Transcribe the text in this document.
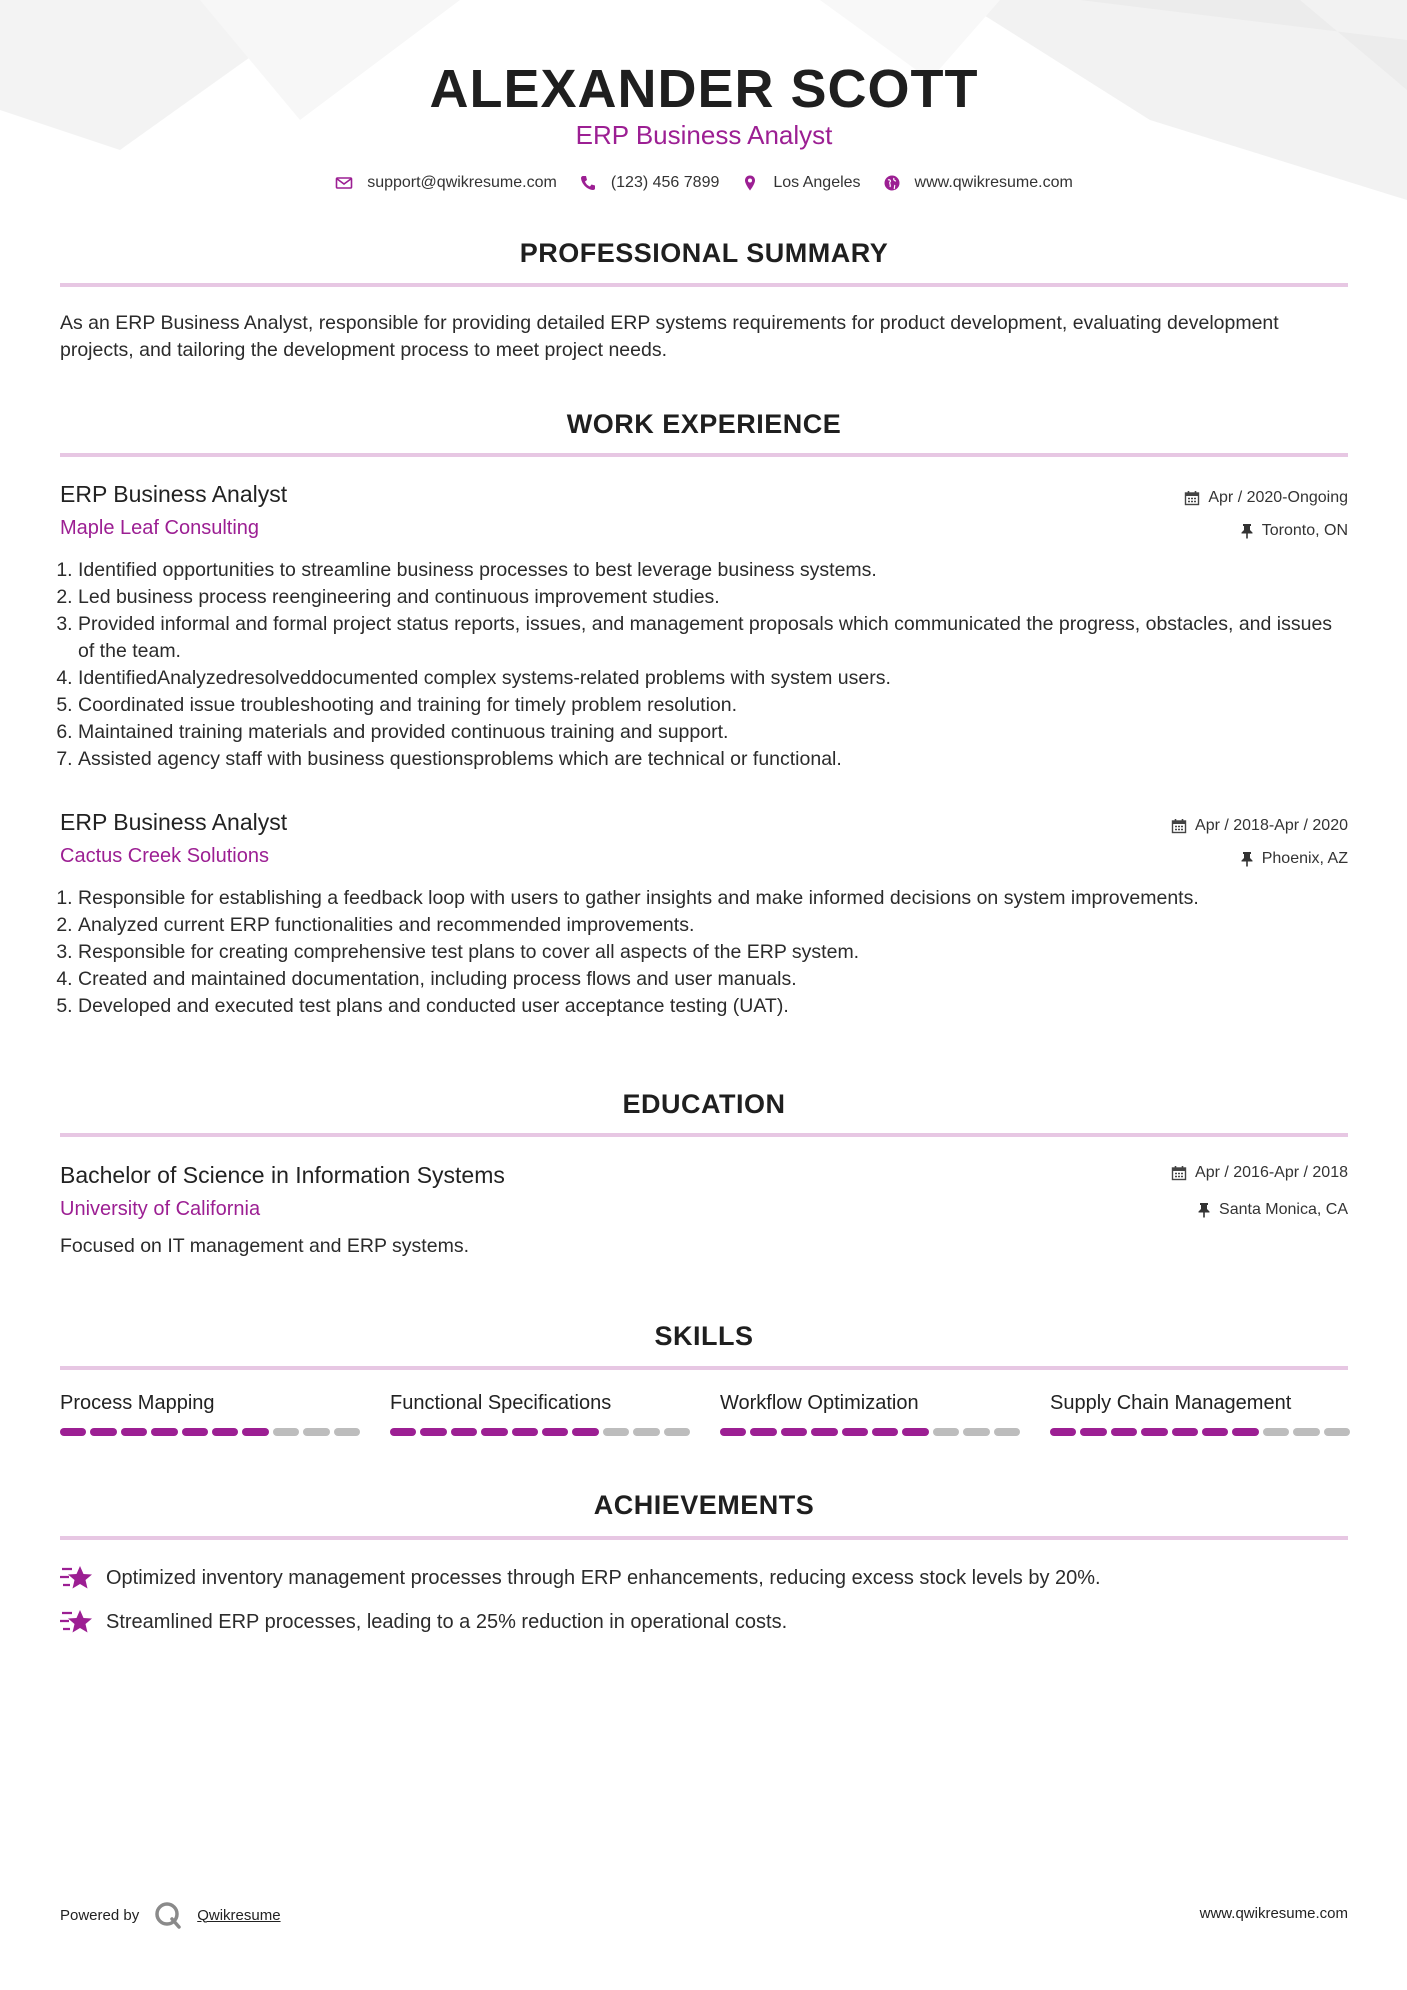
ALEXANDER SCOTT
ERP Business Analyst
support@qwikresume.com	(123) 456 7899	Los Angeles	www.qwikresume.com
PROFESSIONAL SUMMARY
As an ERP Business Analyst, responsible for providing detailed ERP systems requirements for product development, evaluating development projects, and tailoring the development process to meet project needs.
WORK EXPERIENCE
ERP Business Analyst
Maple Leaf Consulting
Apr / 2020-Ongoing
Toronto, ON
1. Identified opportunities to streamline business processes to best leverage business systems.
2. Led business process reengineering and continuous improvement studies.
3. Provided informal and formal project status reports, issues, and management proposals which communicated the progress, obstacles, and issues of the team.
4. IdentifiedAnalyzedresolveddocumented complex systems-related problems with system users.
5. Coordinated issue troubleshooting and training for timely problem resolution.
6. Maintained training materials and provided continuous training and support.
7. Assisted agency staff with business questionsproblems which are technical or functional.
ERP Business Analyst
Cactus Creek Solutions
Apr / 2018-Apr / 2020
Phoenix, AZ
1. Responsible for establishing a feedback loop with users to gather insights and make informed decisions on system improvements.
2. Analyzed current ERP functionalities and recommended improvements.
3. Responsible for creating comprehensive test plans to cover all aspects of the ERP system.
4. Created and maintained documentation, including process flows and user manuals.
5. Developed and executed test plans and conducted user acceptance testing (UAT).
EDUCATION
Bachelor of Science in Information Systems
University of California
Apr / 2016-Apr / 2018
Santa Monica, CA
Focused on IT management and ERP systems.
SKILLS
Process Mapping	Functional Specifications	Workflow Optimization	Supply Chain Management
ACHIEVEMENTS
Optimized inventory management processes through ERP enhancements, reducing excess stock levels by 20%.
Streamlined ERP processes, leading to a 25% reduction in operational costs.
Powered by	Qwikresume	www.qwikresume.com
